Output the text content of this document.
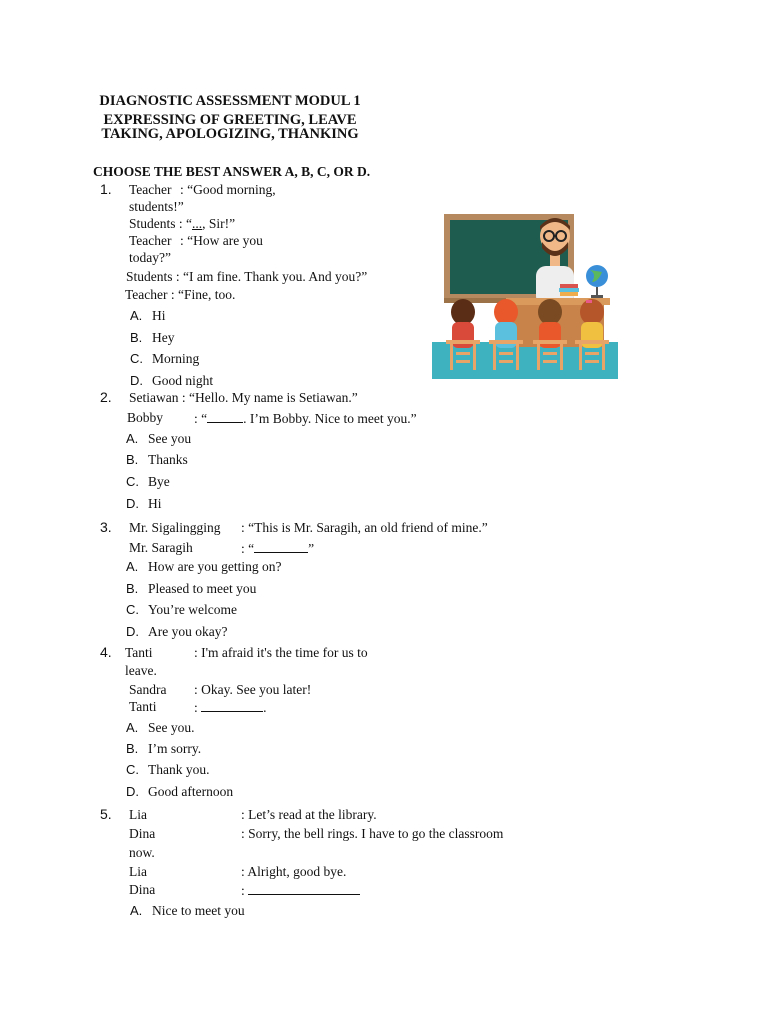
DIAGNOSTIC ASSESSMENT MODUL 1
EXPRESSING OF GREETING, LEAVE
TAKING, APOLOGIZING, THANKING
CHOOSE THE BEST ANSWER A, B, C, OR D.
1. Teacher : “Good morning,
students!”
Students : “..., Sir!”
Teacher : “How are you
today?”
Students : “I am fine. Thank you. And you?”
Teacher : “Fine, too.
A. Hi
B. Hey
C. Morning
D. Good night
2. Setiawan : “Hello. My name is Setiawan.”
Bobby : “	. I’m Bobby. Nice to meet you.”
A. See you
B. Thanks
C. Bye
D. Hi
3. Mr. Sigalingging : “This is Mr. Saragih, an old friend of mine.”
Mr. Saragih	: “	”
A. How are you getting on?
B. Pleased to meet you
C. You’re welcome
D. Are you okay?
4. Tanti	: I'm afraid it's the time for us to
leave.
Sandra : Okay. See you later!
Tanti	:	.
A. See you.
B. I’m sorry.
C. Thank you.
D. Good afternoon
5. Lia	: Let’s read at the library.
Dina	: Sorry, the bell rings. I have to go the classroom
now.
Lia	: Alright, good bye.
Dina	:
A. Nice to meet you
